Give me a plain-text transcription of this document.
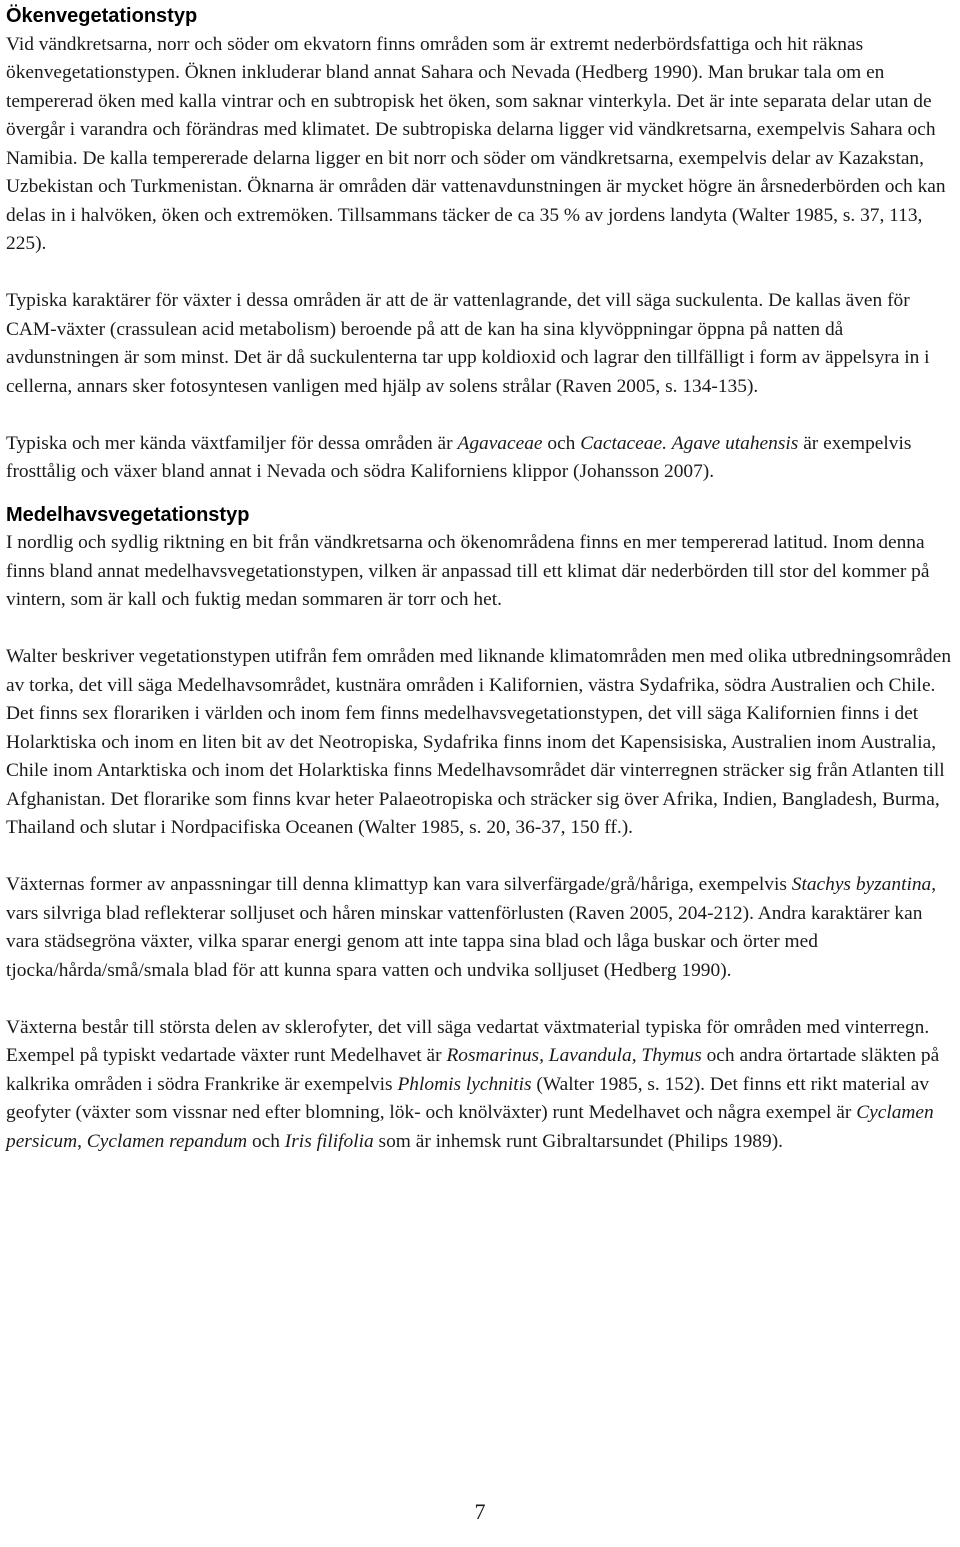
Ökenvegetationstyp

Vid vändkretsarna, norr och söder om ekvatorn finns områden som är extremt nederbördsfattiga och hit räknas ökenvegetationstypen. Öknen inkluderar bland annat Sahara och Nevada (Hedberg 1990). Man brukar tala om en tempererad öken med kalla vintrar och en subtropisk het öken, som saknar vinterkyla. Det är inte separata delar utan de övergår i varandra och förändras med klimatet. De subtropiska delarna ligger vid vändkretsarna, exempelvis Sahara och Namibia. De kalla tempererade delarna ligger en bit norr och söder om vändkretsarna, exempelvis delar av Kazakstan, Uzbekistan och Turkmenistan. Öknarna är områden där vattenavdunstningen är mycket högre än årsnederbörden och kan delas in i halvöken, öken och extremöken. Tillsammans täcker de ca 35 % av jordens landyta (Walter 1985, s. 37, 113, 225).

Typiska karaktärer för växter i dessa områden är att de är vattenlagrande, det vill säga suckulenta. De kallas även för CAM-växter (crassulean acid metabolism) beroende på att de kan ha sina klyvöppningar öppna på natten då avdunstningen är som minst. Det är då suckulenterna tar upp koldioxid och lagrar den tillfälligt i form av äppelsyra in i cellerna, annars sker fotosyntesen vanligen med hjälp av solens strålar (Raven 2005, s. 134-135).

Typiska och mer kända växtfamiljer för dessa områden är Agavaceae och Cactaceae. Agave utahensis är exempelvis frosttålig och växer bland annat i Nevada och södra Kaliforniens klippor (Johansson 2007).

Medelhavsvegetationstyp

I nordlig och sydlig riktning en bit från vändkretsarna och ökenområdena finns en mer tempererad latitud. Inom denna finns bland annat medelhavsvegetationstypen, vilken är anpassad till ett klimat där nederbörden till stor del kommer på vintern, som är kall och fuktig medan sommaren är torr och het.

Walter beskriver vegetationstypen utifrån fem områden med liknande klimatområden men med olika utbredningsområden av torka, det vill säga Medelhavsområdet, kustnära områden i Kalifornien, västra Sydafrika, södra Australien och Chile. Det finns sex florariken i världen och inom fem finns medelhavsvegetationstypen, det vill säga Kalifornien finns i det Holarktiska och inom en liten bit av det Neotropiska, Sydafrika finns inom det Kapensisiska, Australien inom Australia, Chile inom Antarktiska och inom det Holarktiska finns Medelhavsområdet där vinterregnen sträcker sig från Atlanten till Afghanistan. Det florarike som finns kvar heter Palaeotropiska och sträcker sig över Afrika, Indien, Bangladesh, Burma, Thailand och slutar i Nordpacifiska Oceanen (Walter 1985, s. 20, 36-37, 150 ff.).

Växternas former av anpassningar till denna klimattyp kan vara silverfärgade/grå/håriga, exempelvis Stachys byzantina, vars silvriga blad reflekterar solljuset och håren minskar vattenförlusten (Raven 2005, 204-212). Andra karaktärer kan vara städsegröna växter, vilka sparar energi genom att inte tappa sina blad och låga buskar och örter med tjocka/hårda/små/smala blad för att kunna spara vatten och undvika solljuset (Hedberg 1990).

Växterna består till största delen av sklerofyter, det vill säga vedartat växtmaterial typiska för områden med vinterregn. Exempel på typiskt vedartade växter runt Medelhavet är Rosmarinus, Lavandula, Thymus och andra örtartade släkten på kalkrika områden i södra Frankrike är exempelvis Phlomis lychnitis (Walter 1985, s. 152). Det finns ett rikt material av geofyter (växter som vissnar ned efter blomning, lök- och knölväxter) runt Medelhavet och några exempel är Cyclamen persicum, Cyclamen repandum och Iris filifolia som är inhemsk runt Gibraltarsundet (Philips 1989).

7
